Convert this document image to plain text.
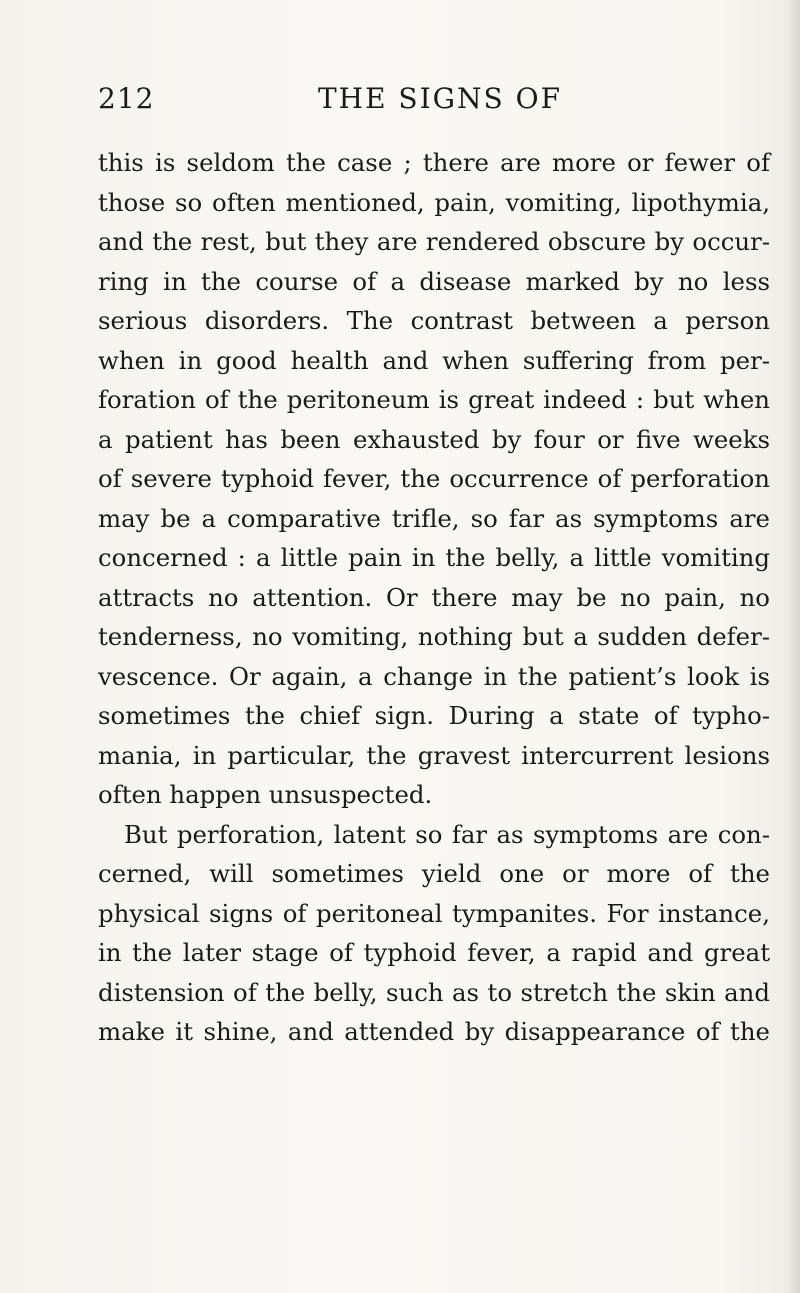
212	THE SIGNS OF
this is seldom the case ; there are more or fewer of
those so often mentioned, pain, vomiting, lipothymia,
and the rest, but they are rendered obscure by occur-
ring in the course of a disease marked by no less
serious disorders. The contrast between a person
when in good health and when suffering from per-
foration of the peritoneum is great indeed : but when
a patient has been exhausted by four or five weeks
of severe typhoid fever, the occurrence of perforation
may be a comparative trifle, so far as symptoms are
concerned : a little pain in the belly, a little vomiting
attracts no attention. Or there may be no pain, no
tenderness, no vomiting, nothing but a sudden defer-
vescence. Or again, a change in the patient’s look is
sometimes the chief sign. During a state of typho-
mania, in particular, the gravest intercurrent lesions
often happen unsuspected.
But perforation, latent so far as symptoms are con-
cerned, will sometimes yield one or more of the
physical signs of peritoneal tympanites. For instance,
in the later stage of typhoid fever, a rapid and great
distension of the belly, such as to stretch the skin and
make it shine, and attended by disappearance of the
